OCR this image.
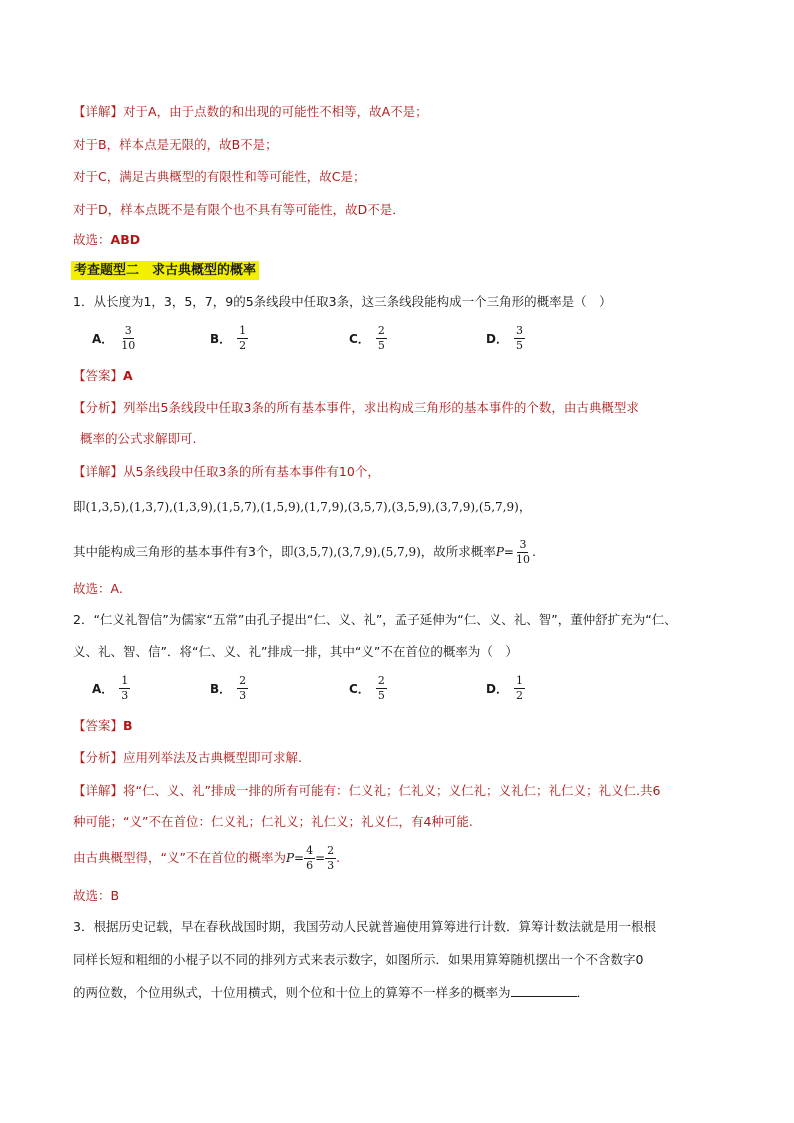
【详解】对于A，由于点数的和出现的可能性不相等，故A不是；
对于B，样本点是无限的，故B不是；
对于C，满足古典概型的有限性和等可能性，故C是；
对于D，样本点既不是有限个也不具有等可能性，故D不是．
故选：ABD
考查题型二　求古典概型的概率
1．从长度为1，3，5，7，9的5条线段中任取3条，这三条线段能构成一个三角形的概率是（　）
A． $\frac{3}{10}$	B． $\frac{1}{2}$	C． $\frac{2}{5}$	D． $\frac{3}{5}$
【答案】A
【分析】列举出5条线段中任取3条的所有基本事件，求出构成三角形的基本事件的个数，由古典概型求
概率的公式求解即可.
【详解】从5条线段中任取3条的所有基本事件有10个，
即(1,3,5),(1,3,7),(1,3,9),(1,5,7),(1,5,9),(1,7,9),(3,5,7),(3,5,9),(3,7,9),(5,7,9)，
其中能构成三角形的基本事件有3个，即 (3,5,7),(3,7,9),(5,7,9) ，故所求概率 $P = \frac{3}{10}$ .
故选：A.
2．“仁义礼智信”为儒家“五常”由孔子提出“仁、义、礼”，孟子延伸为“仁、义、礼、智”，董仲舒扩充为“仁、
义、礼、智、信”．将“仁、义、礼”排成一排，其中“义”不在首位的概率为（　）
A． $\frac{1}{3}$	B． $\frac{2}{3}$	C． $\frac{2}{5}$	D． $\frac{1}{2}$
【答案】B
【分析】应用列举法及古典概型即可求解.
【详解】将“仁、义、礼”排成一排的所有可能有：仁义礼；仁礼义；义仁礼；义礼仁；礼仁义；礼义仁.共6
种可能；“义”不在首位：仁义礼；仁礼义；礼仁义；礼义仁，有4种可能.
由古典概型得，“义”不在首位的概率为 $P = \frac{4}{6} = \frac{2}{3}$ .
故选：B
3．根据历史记载，早在春秋战国时期，我国劳动人民就普遍使用算筹进行计数．算筹计数法就是用一根根
同样长短和粗细的小棍子以不同的排列方式来表示数字，如图所示．如果用算筹随机摆出一个不含数字0
的两位数，个位用纵式，十位用横式，则个位和十位上的算筹不一样多的概率为	．
